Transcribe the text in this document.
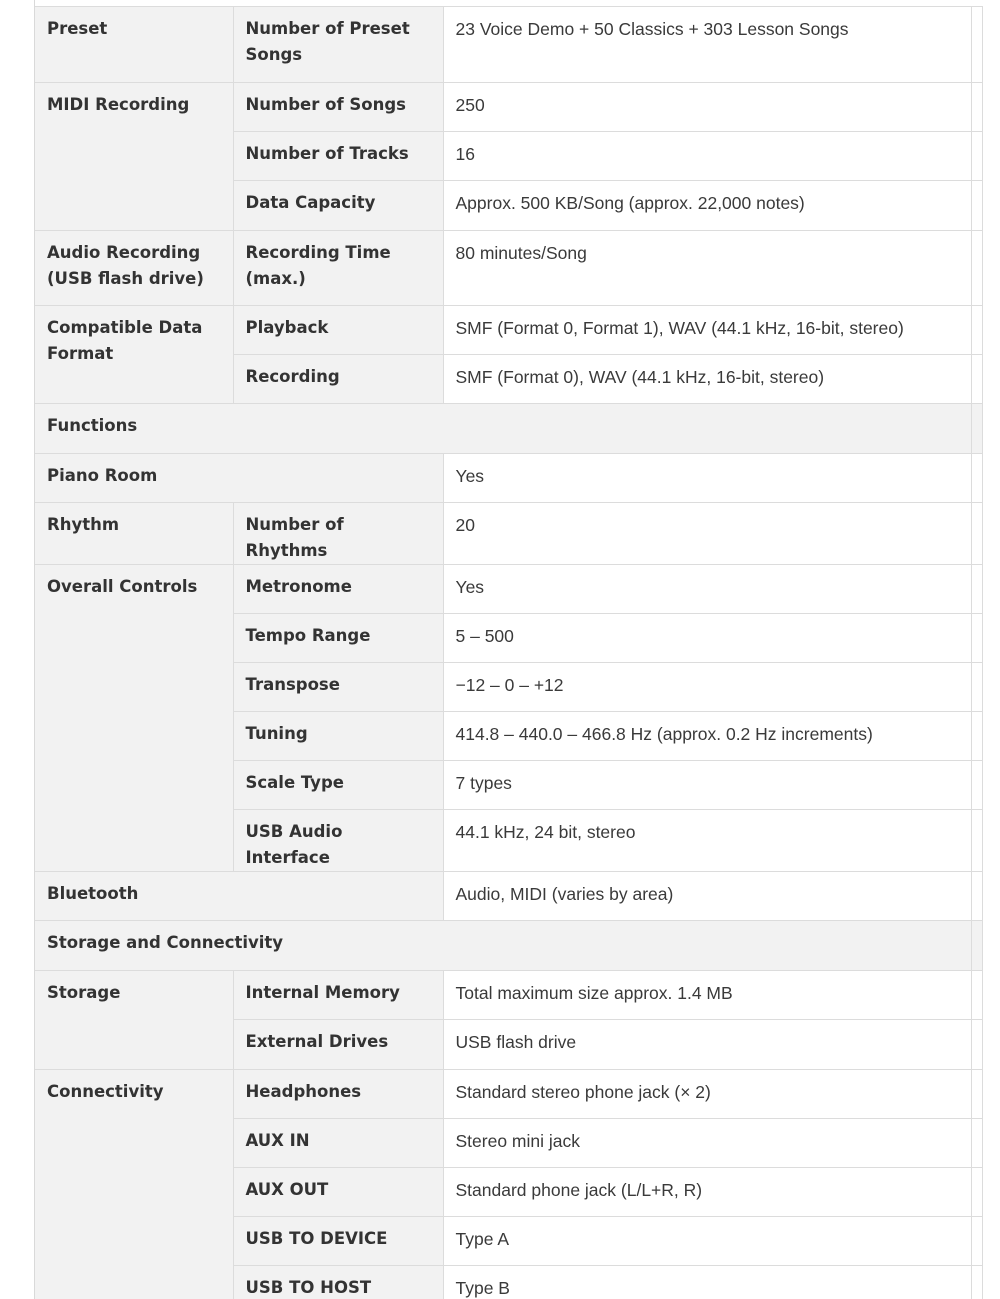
Preset	Number of Preset Songs	23 Voice Demo + 50 Classics + 303 Lesson Songs	
MIDI Recording	Number of Songs	250	
	Number of Tracks	16	
	Data Capacity	Approx. 500 KB/Song (approx. 22,000 notes)	
Audio Recording (USB flash drive)	Recording Time (max.)	80 minutes/Song	
Compatible Data Format	Playback	SMF (Format 0, Format 1), WAV (44.1 kHz, 16-bit, stereo)	
	Recording	SMF (Format 0), WAV (44.1 kHz, 16-bit, stereo)	
Functions			
Piano Room		Yes	
Rhythm	Number of Rhythms	20	
Overall Controls	Metronome	Yes	
	Tempo Range	5 – 500	
	Transpose	−12 – 0 – +12	
	Tuning	414.8 – 440.0 – 466.8 Hz (approx. 0.2 Hz increments)	
	Scale Type	7 types	
	USB Audio Interface	44.1 kHz, 24 bit, stereo	
Bluetooth		Audio, MIDI (varies by area)	
Storage and Connectivity			
Storage	Internal Memory	Total maximum size approx. 1.4 MB	
	External Drives	USB flash drive	
Connectivity	Headphones	Standard stereo phone jack (× 2)	
	AUX IN	Stereo mini jack	
	AUX OUT	Standard phone jack (L/L+R, R)	
	USB TO DEVICE	Type A	
	USB TO HOST	Type B	
